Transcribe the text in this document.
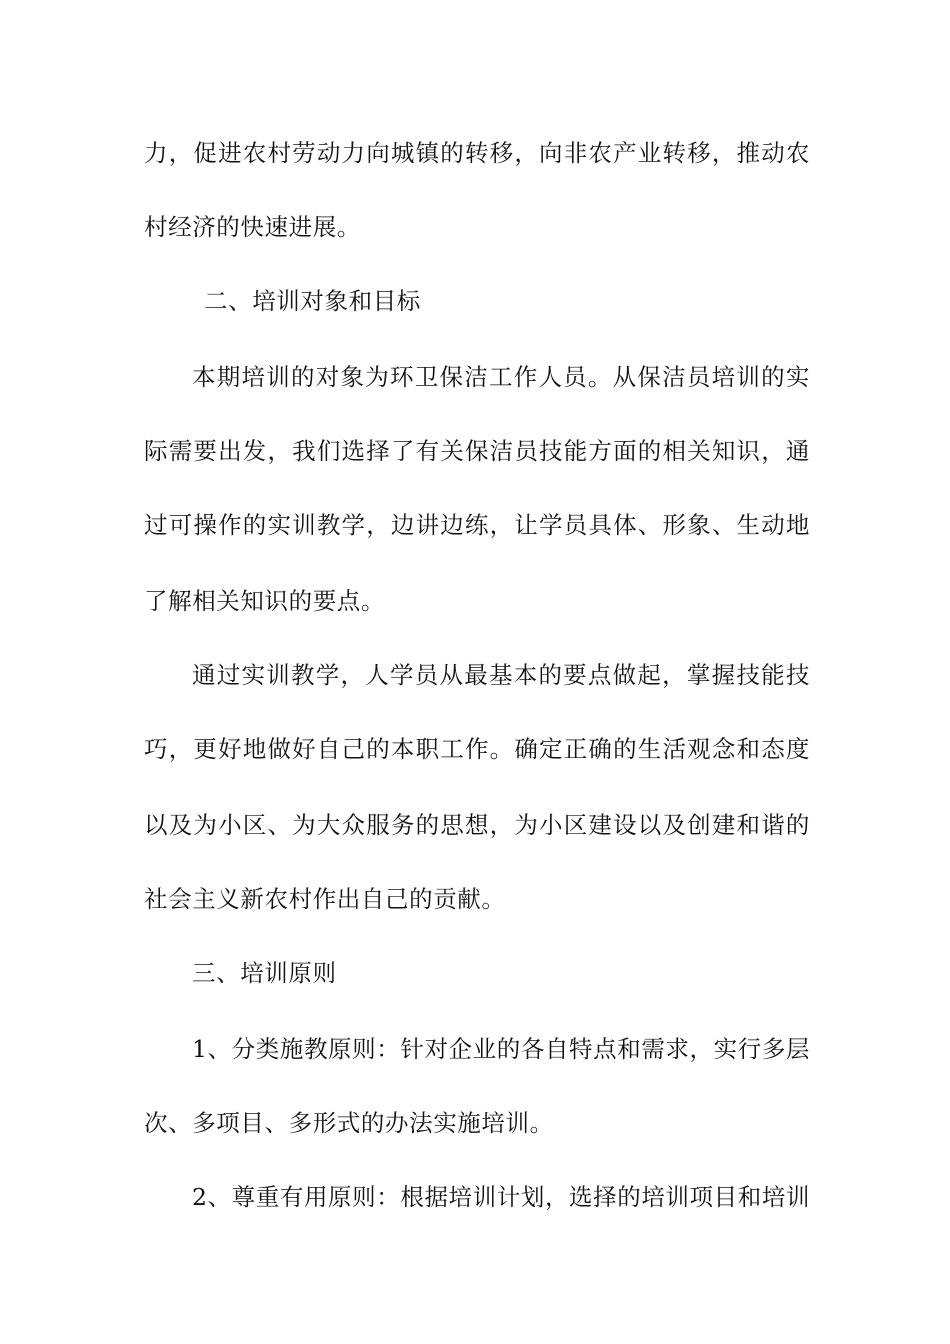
力，促进农村劳动力向城镇的转移，向非农产业转移，推动农
村经济的快速进展。
二、培训对象和目标
本期培训的对象为环卫保洁工作人员。从保洁员培训的实
际需要出发，我们选择了有关保洁员技能方面的相关知识，通
过可操作的实训教学，边讲边练，让学员具体、形象、生动地
了解相关知识的要点。
通过实训教学，人学员从最基本的要点做起，掌握技能技
巧，更好地做好自己的本职工作。确定正确的生活观念和态度
以及为小区、为大众服务的思想，为小区建设以及创建和谐的
社会主义新农村作出自己的贡献。
三、培训原则
1、分类施教原则：针对企业的各自特点和需求，实行多层
次、多项目、多形式的办法实施培训。
2、尊重有用原则：根据培训计划，选择的培训项目和培训
